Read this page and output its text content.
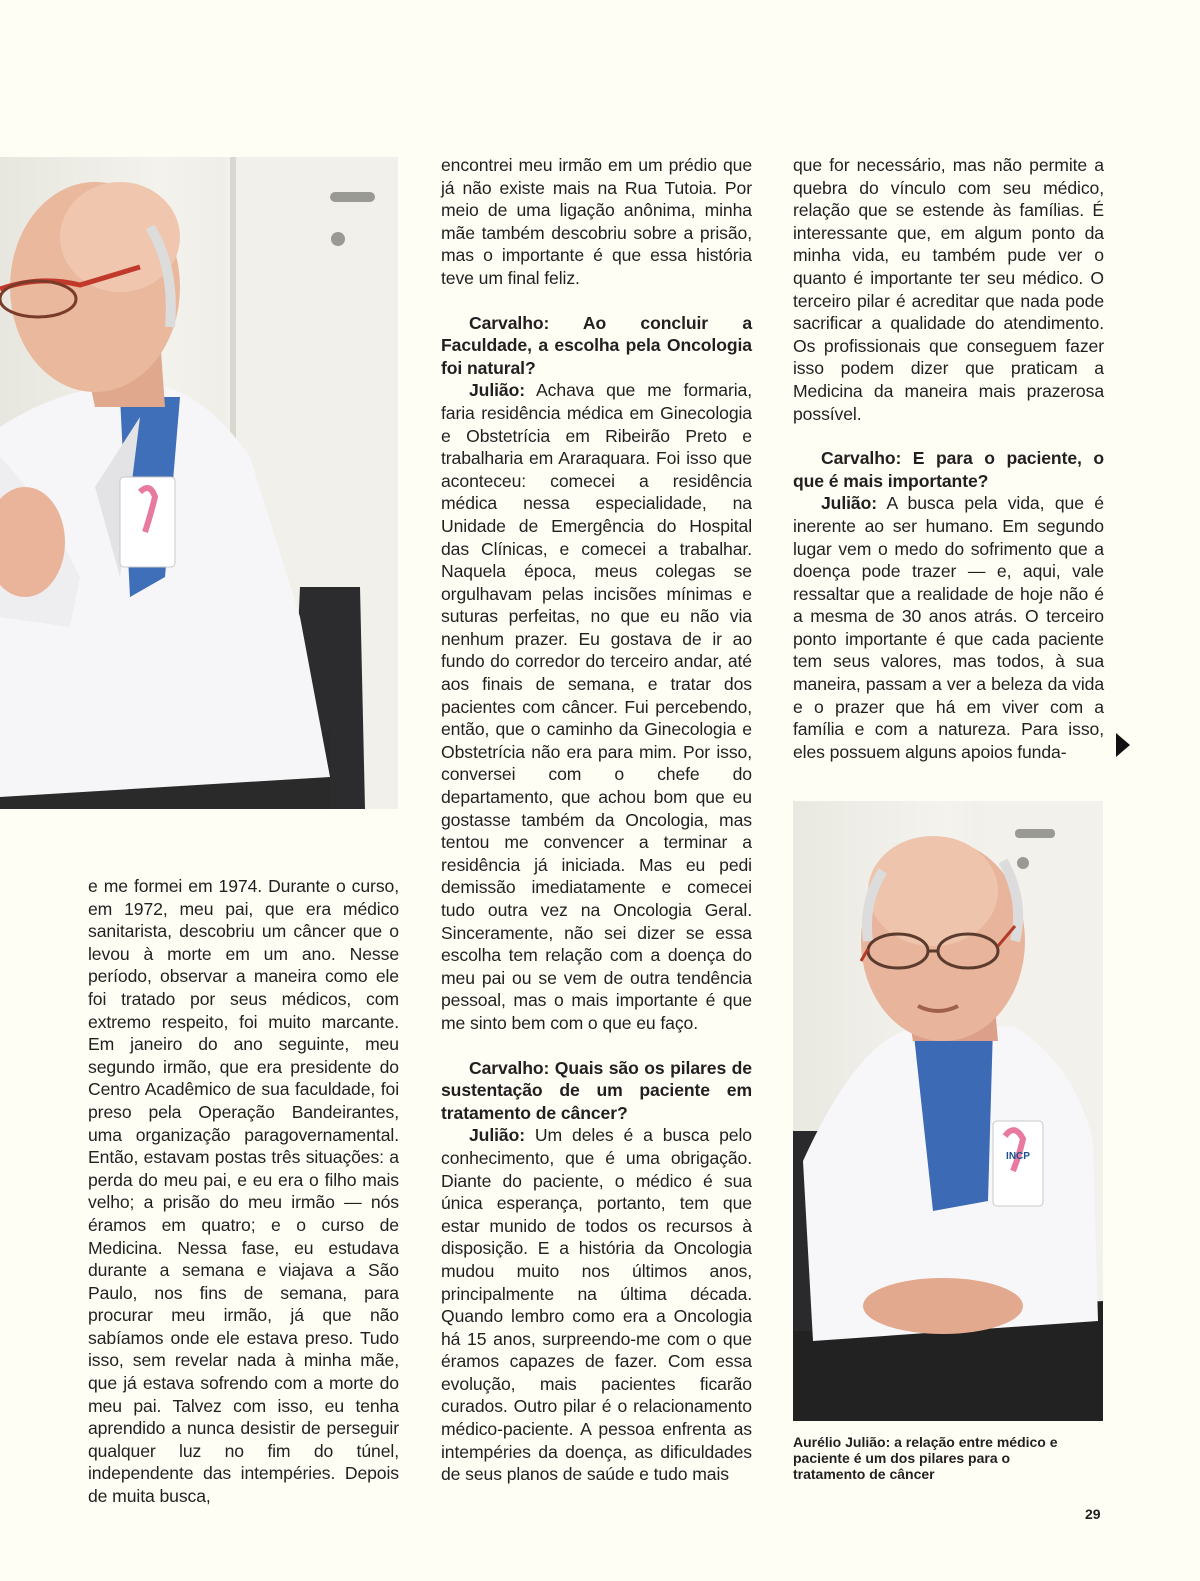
e me formei em 1974. Durante o curso, em 1972, meu pai, que era médico sanitarista, descobriu um câncer que o levou à morte em um ano. Nesse período, observar a maneira como ele foi tratado por seus médicos, com extremo respeito, foi muito marcante. Em janeiro do ano seguinte, meu segundo irmão, que era presidente do Centro Acadêmico de sua faculdade, foi preso pela Operação Bandeirantes, uma organização paragovernamental. Então, estavam postas três situações: a perda do meu pai, e eu era o filho mais velho; a prisão do meu irmão — nós éramos em quatro; e o curso de Medicina. Nessa fase, eu estudava durante a semana e viajava a São Paulo, nos fins de semana, para procurar meu irmão, já que não sabíamos onde ele estava preso. Tudo isso, sem revelar nada à minha mãe, que já estava sofrendo com a morte do meu pai. Talvez com isso, eu tenha aprendido a nunca desistir de perseguir qualquer luz no fim do túnel, independente das intempéries. Depois de muita busca,

encontrei meu irmão em um prédio que já não existe mais na Rua Tutoia. Por meio de uma ligação anônima, minha mãe também descobriu sobre a prisão, mas o importante é que essa história teve um final feliz.

Carvalho: Ao concluir a Faculdade, a escolha pela Oncologia foi natural?

Julião: Achava que me formaria, faria residência médica em Ginecologia e Obstetrícia em Ribeirão Preto e trabalharia em Araraquara. Foi isso que aconteceu: comecei a residência médica nessa especialidade, na Unidade de Emergência do Hospital das Clínicas, e comecei a trabalhar. Naquela época, meus colegas se orgulhavam pelas incisões mínimas e suturas perfeitas, no que eu não via nenhum prazer. Eu gostava de ir ao fundo do corredor do terceiro andar, até aos finais de semana, e tratar dos pacientes com câncer. Fui percebendo, então, que o caminho da Ginecologia e Obstetrícia não era para mim. Por isso, conversei com o chefe do departamento, que achou bom que eu gostasse também da Oncologia, mas tentou me convencer a terminar a residência já iniciada. Mas eu pedi demissão imediatamente e comecei tudo outra vez na Oncologia Geral. Sinceramente, não sei dizer se essa escolha tem relação com a doença do meu pai ou se vem de outra tendência pessoal, mas o mais importante é que me sinto bem com o que eu faço.

Carvalho: Quais são os pilares de sustentação de um paciente em tratamento de câncer?

Julião: Um deles é a busca pelo conhecimento, que é uma obrigação. Diante do paciente, o médico é sua única esperança, portanto, tem que estar munido de todos os recursos à disposição. E a história da Oncologia mudou muito nos últimos anos, principalmente na última década. Quando lembro como era a Oncologia há 15 anos, surpreendo-me com o que éramos capazes de fazer. Com essa evolução, mais pacientes ficarão curados. Outro pilar é o relacionamento médico-paciente. A pessoa enfrenta as intempéries da doença, as dificuldades de seus planos de saúde e tudo mais

que for necessário, mas não permite a quebra do vínculo com seu médico, relação que se estende às famílias. É interessante que, em algum ponto da minha vida, eu também pude ver o quanto é importante ter seu médico. O terceiro pilar é acreditar que nada pode sacrificar a qualidade do atendimento. Os profissionais que conseguem fazer isso podem dizer que praticam a Medicina da maneira mais prazerosa possível.

Carvalho: E para o paciente, o que é mais importante?

Julião: A busca pela vida, que é inerente ao ser humano. Em segundo lugar vem o medo do sofrimento que a doença pode trazer — e, aqui, vale ressaltar que a realidade de hoje não é a mesma de 30 anos atrás. O terceiro ponto importante é que cada paciente tem seus valores, mas todos, à sua maneira, passam a ver a beleza da vida e o prazer que há em viver com a família e com a natureza. Para isso, eles possuem alguns apoios funda-

INCP
Aurélio Julião: a relação entre médico e paciente é um dos pilares para o tratamento de câncer
29
